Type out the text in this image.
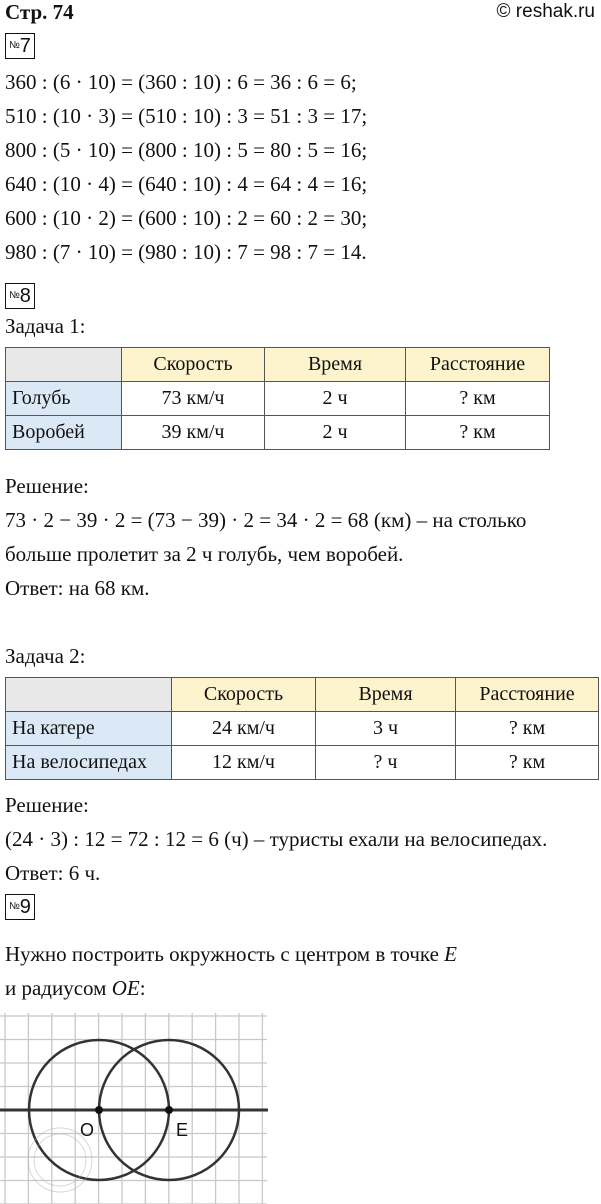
Стр. 74	© reshak.ru
№7
360 : (6 · 10) = (360 : 10) : 6 = 36 : 6 = 6;
510 : (10 · 3) = (510 : 10) : 3 = 51 : 3 = 17;
800 : (5 · 10) = (800 : 10) : 5 = 80 : 5 = 16;
640 : (10 · 4) = (640 : 10) : 4 = 64 : 4 = 16;
600 : (10 · 2) = (600 : 10) : 2 = 60 : 2 = 30;
980 : (7 · 10) = (980 : 10) : 7 = 98 : 7 = 14.
№8
Задача 1:
	Скорость	Время	Расстояние
Голубь	73 км/ч	2 ч	? км
Воробей	39 км/ч	2 ч	? км
Решение:
73 · 2 − 39 · 2 = (73 − 39) · 2 = 34 · 2 = 68 (км) – на столько
больше пролетит за 2 ч голубь, чем воробей.
Ответ: на 68 км.
Задача 2:
	Скорость	Время	Расстояние
На катере	24 км/ч	3 ч	? км
На велосипедах	12 км/ч	? ч	? км
Решение:
(24 · 3) : 12 = 72 : 12 = 6 (ч) – туристы ехали на велосипедах.
Ответ: 6 ч.
№9
Нужно построить окружность с центром в точке E
и радиусом OE:
O	E
